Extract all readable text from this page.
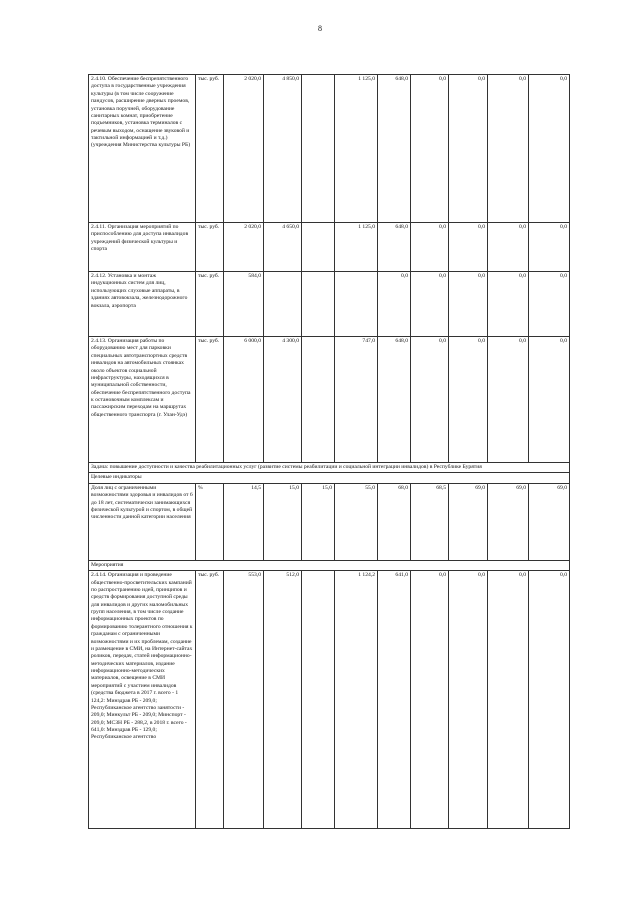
8
2.4.10. Обеспечение беспрепятственного доступа в государственные учреждения культуры (в том числе сооружение пандусов, расширение дверных проемов, установка поручней, оборудование санитарных комнат, приобретение подъемников, установка терминалов с речевым выходом, оснащение звуковой и тактильной информацией и т.д.) (учреждения Министерства культуры РБ)	тыс. руб.	2 020,0	4 850,0		1 125,0	648,0	0,0	0,0	0,0	0,0
2.4.11. Организация мероприятий по приспособлению для доступа инвалидов учреждений физической культуры и спорта	тыс. руб.	2 020,0	4 650,0		1 125,0	648,0	0,0	0,0	0,0	0,0
2.4.12. Установка и монтаж индукционных систем для лиц, использующих слуховые аппараты, в зданиях автовокзала, железнодорожного вокзала, аэропорта	тыс. руб.	584,0				0,0	0,0	0,0	0,0	0,0
2.4.13. Организация работы по оборудованию мест для парковки специальных автотранспортных средств инвалидов на автомобильных стоянках около объектов социальной инфраструктуры, находящихся в муниципальной собственности, обеспечение беспрепятственного доступа к остановочным комплексам и пассажирским переходам на маршрутах общественного транспорта (г. Улан-Удэ)	тыс. руб.	6 000,0	4 300,0		747,0	648,0	0,0	0,0	0,0	0,0
Задача: повышение доступности и качества реабилитационных услуг (развитие системы реабилитации и социальной интеграции инвалидов) в Республике Бурятия										
Целевые индикаторы										
Доля лиц с ограниченными возможностями здоровья и инвалидов от 6 до 18 лет, систематически занимающихся физической культурой и спортом, в общей численности данной категории населения	%	14,5	15,0	15,0	55,0	68,0	68,5	69,0	69,0	69,0
Мероприятия										
2.4.14. Организация и проведение общественно-просветительских кампаний по распространению идей, принципов и средств формирования доступной среды для инвалидов и других маломобильных групп населения, в том числе создание информационных проектов по формированию толерантного отношения к гражданам с ограниченными возможностями и их проблемам, создание и размещение в СМИ, на Интернет-сайтах роликов, передач, статей информационно-методических материалов, издание информационно-методических материалов, освещение в СМИ мероприятий с участием инвалидов (средства бюджета в 2017 г. всего - 1 124,2: Минздрав РБ - 209,0; Республиканское агентство занятости - 209,0; Минкульт РБ - 209,0; Минспорт - 209,0; МСЗН РБ - 288,2, в 2018 г. всего - 641,0: Минздрав РБ - 129,0; Республиканское агентство	тыс. руб.	553,0	512,0		1 124,2	641,0	0,0	0,0	0,0	0,0
